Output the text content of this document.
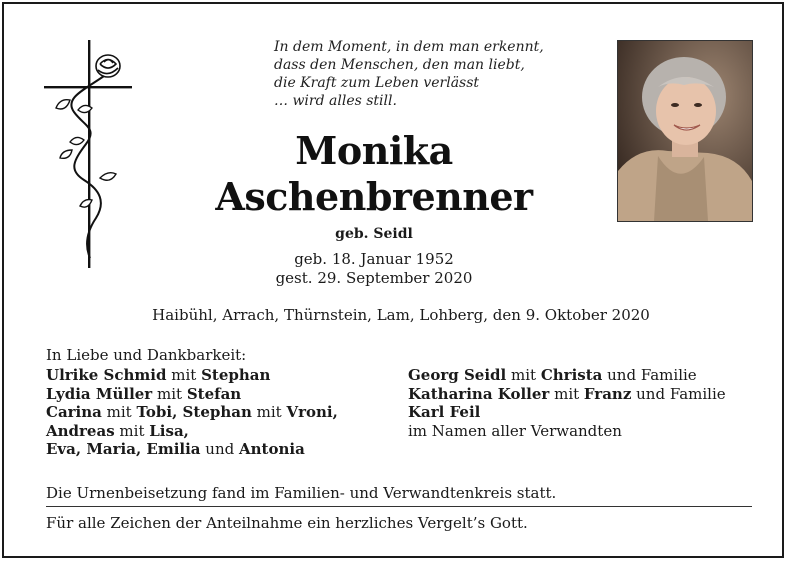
In dem Moment, in dem man erkennt,
dass den Menschen, den man liebt,
die Kraft zum Leben verlässt
… wird alles still.
Monika
Aschenbrenner
geb. Seidl
geb. 18. Januar 1952
gest. 29. September 2020
Haibühl, Arrach, Thürnstein, Lam, Lohberg, den 9. Oktober 2020
In Liebe und Dankbarkeit:
Ulrike Schmid mit Stephan
Lydia Müller mit Stefan
Carina mit Tobi, Stephan mit Vroni,
Andreas mit Lisa,
Eva, Maria, Emilia und Antonia
Georg Seidl mit Christa und Familie
Katharina Koller mit Franz und Familie
Karl Feil
im Namen aller Verwandten
Die Urnenbeisetzung fand im Familien- und Verwandtenkreis statt.
Für alle Zeichen der Anteilnahme ein herzliches Vergelt’s Gott.
